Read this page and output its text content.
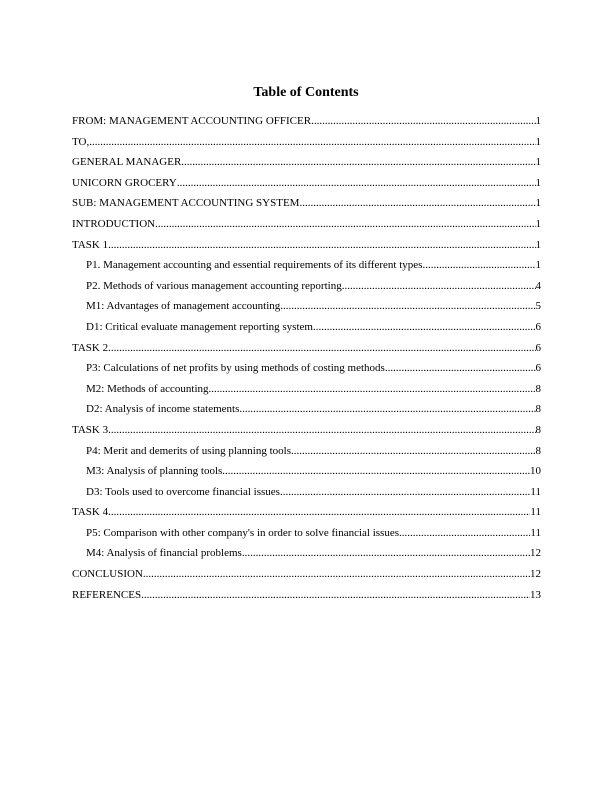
Table of Contents
FROM: MANAGEMENT ACCOUNTING OFFICER .....	1
TO, .....	1
GENERAL MANAGER .....	1
UNICORN GROCERY .....	1
SUB: MANAGEMENT ACCOUNTING SYSTEM .....	1
INTRODUCTION .....	1
TASK 1 .....	1
P1. Management accounting and essential requirements of its different types .....	1
P2. Methods of various management accounting reporting .....	4
M1: Advantages of management accounting .....	5
D1: Critical evaluate management reporting system .....	6
TASK 2 .....	6
P3: Calculations of net profits by using methods of costing methods .....	6
M2: Methods of accounting .....	8
D2: Analysis of income statements .....	8
TASK 3 .....	8
P4: Merit and demerits of using planning tools .....	8
M3: Analysis of planning tools .....	10
D3: Tools used to overcome financial issues .....	11
TASK 4 .....	11
P5: Comparison with other company's in order to solve financial issues .....	11
M4: Analysis of financial problems .....	12
CONCLUSION .....	12
REFERENCES .....	13
